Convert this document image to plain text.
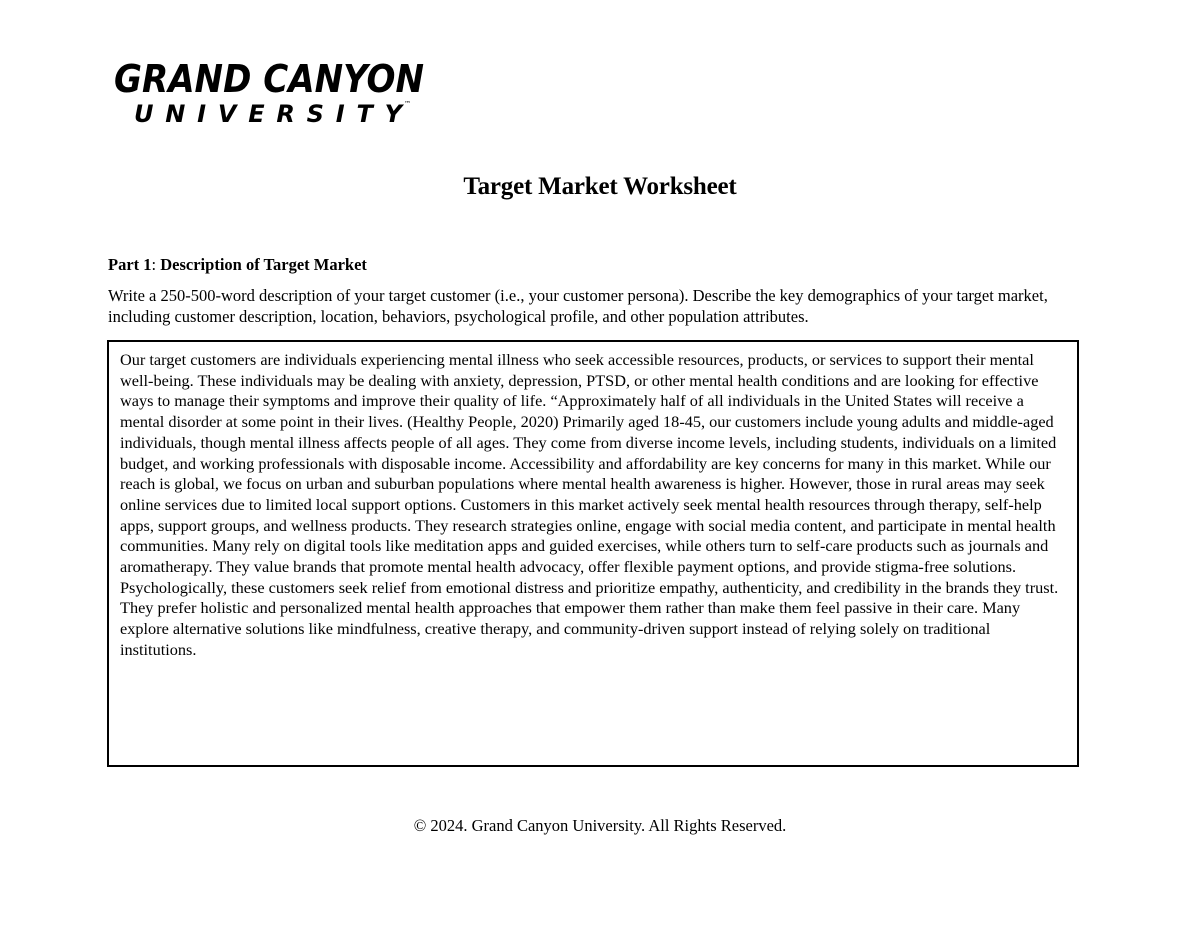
GRAND CANYON
UNIVERSITY ™
Target Market Worksheet
Part 1: Description of Target Market
Write a 250-500-word description of your target customer (i.e., your customer persona). Describe the key demographics of your target market, including customer description, location, behaviors, psychological profile, and other population attributes.

Our target customers are individuals experiencing mental illness who seek accessible resources, products, or services to support their mental well-being. These individuals may be dealing with anxiety, depression, PTSD, or other mental health conditions and are looking for effective ways to manage their symptoms and improve their quality of life. “Approximately half of all individuals in the United States will receive a mental disorder at some point in their lives. (Healthy People, 2020) Primarily aged 18-45, our customers include young adults and middle-aged individuals, though mental illness affects people of all ages. They come from diverse income levels, including students, individuals on a limited budget, and working professionals with disposable income. Accessibility and affordability are key concerns for many in this market. While our reach is global, we focus on urban and suburban populations where mental health awareness is higher. However, those in rural areas may seek online services due to limited local support options. Customers in this market actively seek mental health resources through therapy, self-help apps, support groups, and wellness products. They research strategies online, engage with social media content, and participate in mental health communities. Many rely on digital tools like meditation apps and guided exercises, while others turn to self-care products such as journals and aromatherapy. They value brands that promote mental health advocacy, offer flexible payment options, and provide stigma-free solutions. Psychologically, these customers seek relief from emotional distress and prioritize empathy, authenticity, and credibility in the brands they trust. They prefer holistic and personalized mental health approaches that empower them rather than make them feel passive in their care. Many explore alternative solutions like mindfulness, creative therapy, and community-driven support instead of relying solely on traditional institutions.

© 2024. Grand Canyon University. All Rights Reserved.
